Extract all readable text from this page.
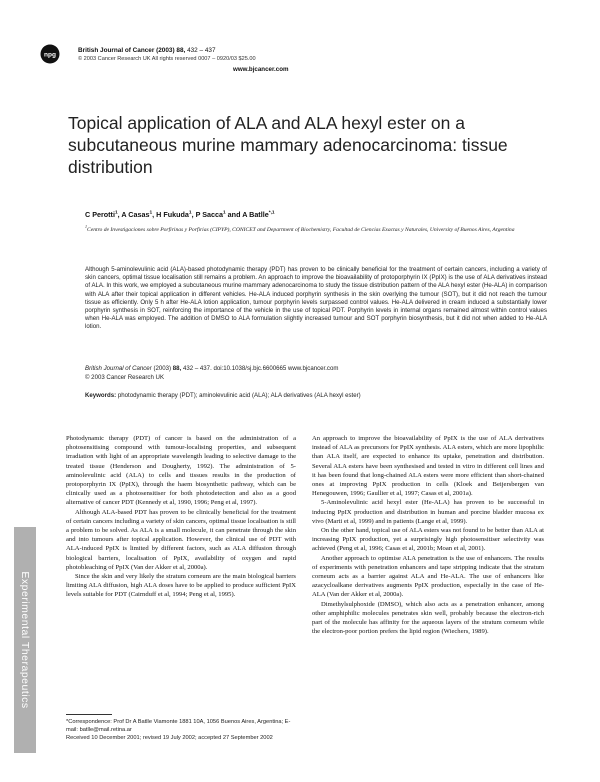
npg
British Journal of Cancer (2003) 88, 432 – 437
© 2003 Cancer Research UK All rights reserved 0007 – 0920/03 $25.00
www.bjcancer.com
Topical application of ALA and ALA hexyl ester on a subcutaneous murine mammary adenocarcinoma: tissue distribution
C Perotti$^1$, A Casas$^1$, H Fukuda$^1$, P Sacca$^1$ and A Batlle$^{*,1}$
$^1$Centro de Investigaciones sobre Porfirinas y Porfirias (CIPYP), CONICET and Department of Biochemistry, Facultad de Ciencias Exactas y Naturales, University of Buenos Aires, Argentina

Although 5-aminolevulinic acid (ALA)-based photodynamic therapy (PDT) has proven to be clinically beneficial for the treatment of certain cancers, including a variety of skin cancers, optimal tissue localisation still remains a problem. An approach to improve the bioavailability of protoporphyrin IX (PpIX) is the use of ALA derivatives instead of ALA. In this work, we employed a subcutaneous murine mammary adenocarcinoma to study the tissue distribution pattern of the ALA hexyl ester (He-ALA) in comparison with ALA after their topical application in different vehicles. He-ALA induced porphyrin synthesis in the skin overlying the tumour (SOT), but it did not reach the tumour tissue as efficiently. Only 5 h after He-ALA lotion application, tumour porphyrin levels surpassed control values. He-ALA delivered in cream induced a substantially lower porphyrin synthesis in SOT, reinforcing the importance of the vehicle in the use of topical PDT. Porphyrin levels in internal organs remained almost within control values when He-ALA was employed. The addition of DMSO to ALA formulation slightly increased tumour and SOT porphyrin biosynthesis, but it did not when added to He-ALA lotion.

British Journal of Cancer (2003) 88, 432 – 437. doi:10.1038/sj.bjc.6600665 www.bjcancer.com
© 2003 Cancer Research UK
Keywords: photodynamic therapy (PDT); aminolevulinic acid (ALA); ALA derivatives (ALA hexyl ester)

Photodynamic therapy (PDT) of cancer is based on the administration of a photosensitising compound with tumour-localising properties, and subsequent irradiation with light of an appropriate wavelength leading to selective damage to the treated tissue (Henderson and Dougherty, 1992). The administration of 5-aminolevulinic acid (ALA) to cells and tissues results in the production of protoporphyrin IX (PpIX), through the haem biosynthetic pathway, which can be clinically used as a photosensitiser for both photodetection and also as a good alternative of cancer PDT (Kennedy et al, 1990, 1996; Peng et al, 1997).

Although ALA-based PDT has proven to be clinically beneficial for the treatment of certain cancers including a variety of skin cancers, optimal tissue localisation is still a problem to be solved. As ALA is a small molecule, it can penetrate through the skin and into tumours after topical application. However, the clinical use of PDT with ALA-induced PpIX is limited by different factors, such as ALA diffusion through biological barriers, localisation of PpIX, availability of oxygen and rapid photobleaching of PpIX (Van der Akker et al, 2000a).

Since the skin and very likely the stratum corneum are the main biological barriers limiting ALA diffusion, high ALA doses have to be applied to produce sufficient PpIX levels suitable for PDT (Cairnduff et al, 1994; Peng et al, 1995).

An approach to improve the bioavailability of PpIX is the use of ALA derivatives instead of ALA as precursors for PpIX synthesis. ALA esters, which are more lipophilic than ALA itself, are expected to enhance its uptake, penetration and distribution. Several ALA esters have been synthesised and tested in vitro in different cell lines and it has been found that long-chained ALA esters were more efficient than short-chained ones at improving PpIX production in cells (Kloek and Beijersbergen van Henegouwen, 1996; Gaullier et al, 1997; Casas et al, 2001a).

5-Aminolevulinic acid hexyl ester (He-ALA) has proven to be successful in inducing PpIX production and distribution in human and porcine bladder mucosa ex vivo (Marti et al, 1999) and in patients (Lange et al, 1999).

On the other hand, topical use of ALA esters was not found to be better than ALA at increasing PpIX production, yet a surprisingly high photosensitiser selectivity was achieved (Peng et al, 1996; Casas et al, 2001b; Moan et al, 2001).

Another approach to optimise ALA penetration is the use of enhancers. The results of experiments with penetration enhancers and tape stripping indicate that the stratum corneum acts as a barrier against ALA and He-ALA. The use of enhancers like azacycloalkane derivatives augments PpIX production, especially in the case of He-ALA (Van der Akker et al, 2000a).

Dimethylsulphoxide (DMSO), which also acts as a penetration enhancer, among other amphiphilic molecules penetrates skin well, probably because the electron-rich part of the molecule has affinity for the aqueous layers of the stratum corneum while the electron-poor portion prefers the lipid region (Wiechers, 1989).

Experimental Therapeutics

*Correspondence: Prof Dr A Batlle Viamonte 1881 10A, 1056 Buenos Aires, Argentina; E-mail: batlle@mail.retina.ar

Received 10 December 2001; revised 19 July 2002; accepted 27 September 2002
